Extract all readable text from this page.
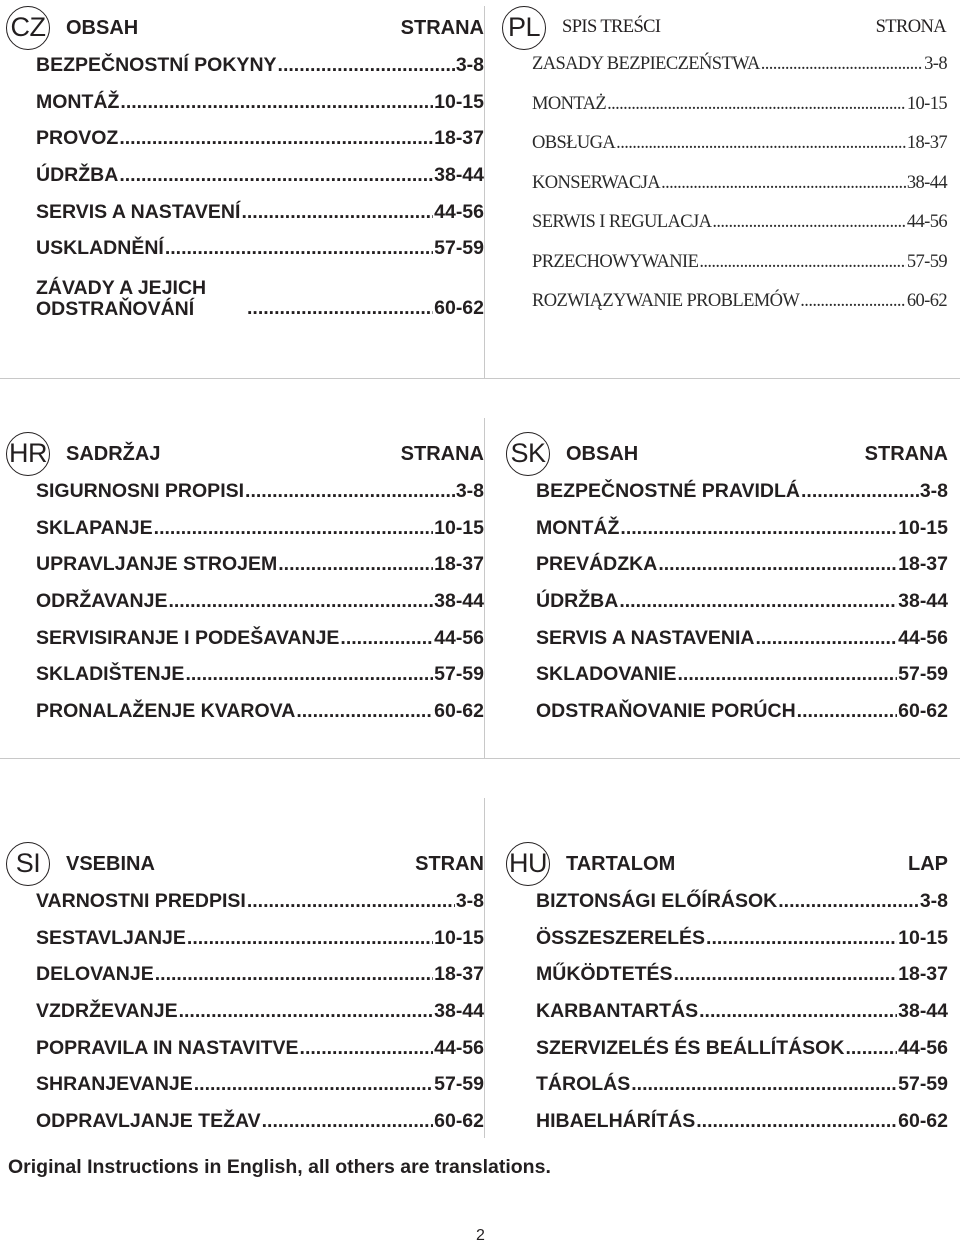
CZ OBSAH	STRANA
BEZPEČNOSTNÍ POKYNY .....	3-8
MONTÁŽ .....	10-15
PROVOZ .....	18-37
ÚDRŽBA .....	38-44
SERVIS A NASTAVENÍ .....	44-56
USKLADNĚNÍ .....	57-59
ZÁVADY A JEJICH ODSTRAŇOVÁNÍ .....	60-62
PL	SPIS TREŚCI	STRONA
ZASADY BEZPIECZEŃSTWA .....	3-8
MONTAŻ .....	10-15
OBSŁUGA .....	18-37
KONSERWACJA .....	38-44
SERWIS I REGULACJA .....	44-56
PRZECHOWYWANIE .....	57-59
ROZWIĄZYWANIE PROBLEMÓW .....	60-62
HR SADRŽAJ	STRANA
SIGURNOSNI PROPISI .....	3-8
SKLAPANJE .....	10-15
UPRAVLJANJE STROJEM .....	18-37
ODRŽAVANJE .....	38-44
SERVISIRANJE I PODEŠAVANJE .....	44-56
SKLADIŠTENJE .....	57-59
PRONALAŽENJE KVAROVA .....	60-62
SK OBSAH	STRANA
BEZPEČNOSTNÉ PRAVIDLÁ .....	3-8
MONTÁŽ .....	10-15
PREVÁDZKA .....	18-37
ÚDRŽBA .....	38-44
SERVIS A NASTAVENIA .....	44-56
SKLADOVANIE .....	57-59
ODSTRAŇOVANIE PORÚCH .....	60-62
SI	VSEBINA	STRAN
VARNOSTNI PREDPISI .....	3-8
SESTAVLJANJE .....	10-15
DELOVANJE .....	18-37
VZDRŽEVANJE .....	38-44
POPRAVILA IN NASTAVITVE .....	44-56
SHRANJEVANJE .....	57-59
ODPRAVLJANJE TEŽAV .....	60-62
HU TARTALOM	LAP
BIZTONSÁGI ELŐÍRÁSOK .....	3-8
ÖSSZESZERELÉS .....	10-15
MŰKÖDTETÉS .....	18-37
KARBANTARTÁS .....	38-44
SZERVIZELÉS ÉS BEÁLLÍTÁSOK .....	44-56
TÁROLÁS .....	57-59
HIBAELHÁRÍTÁS .....	60-62
Original Instructions in English, all others are translations.
2
